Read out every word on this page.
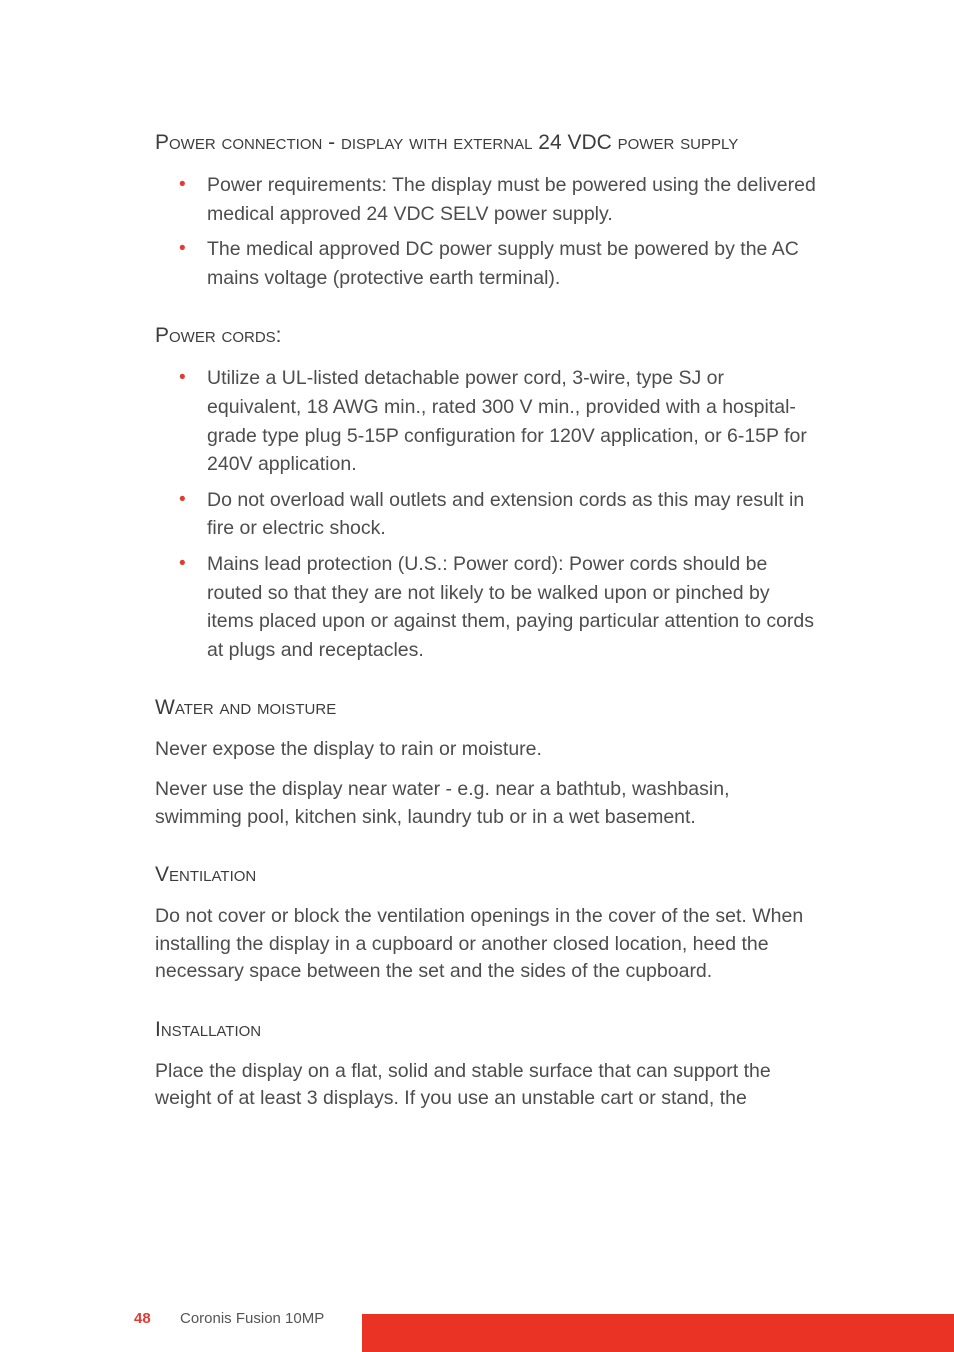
Power connection - display with external 24 VDC power supply
• Power requirements: The display must be powered using the delivered medical approved 24 VDC SELV power supply.
• The medical approved DC power supply must be powered by the AC mains voltage (protective earth terminal).
Power cords:
• Utilize a UL-listed detachable power cord, 3-wire, type SJ or equivalent, 18 AWG min., rated 300 V min., provided with a hospital-grade type plug 5-15P configuration for 120V application, or 6-15P for 240V application.
• Do not overload wall outlets and extension cords as this may result in fire or electric shock.
• Mains lead protection (U.S.: Power cord): Power cords should be routed so that they are not likely to be walked upon or pinched by items placed upon or against them, paying particular attention to cords at plugs and receptacles.
Water and moisture

Never expose the display to rain or moisture.

Never use the display near water - e.g. near a bathtub, washbasin, swimming pool, kitchen sink, laundry tub or in a wet basement.

Ventilation

Do not cover or block the ventilation openings in the cover of the set. When installing the display in a cupboard or another closed location, heed the necessary space between the set and the sides of the cupboard.

Installation

Place the display on a flat, solid and stable surface that can support the weight of at least 3 displays. If you use an unstable cart or stand, the

48 Coronis Fusion 10MP
